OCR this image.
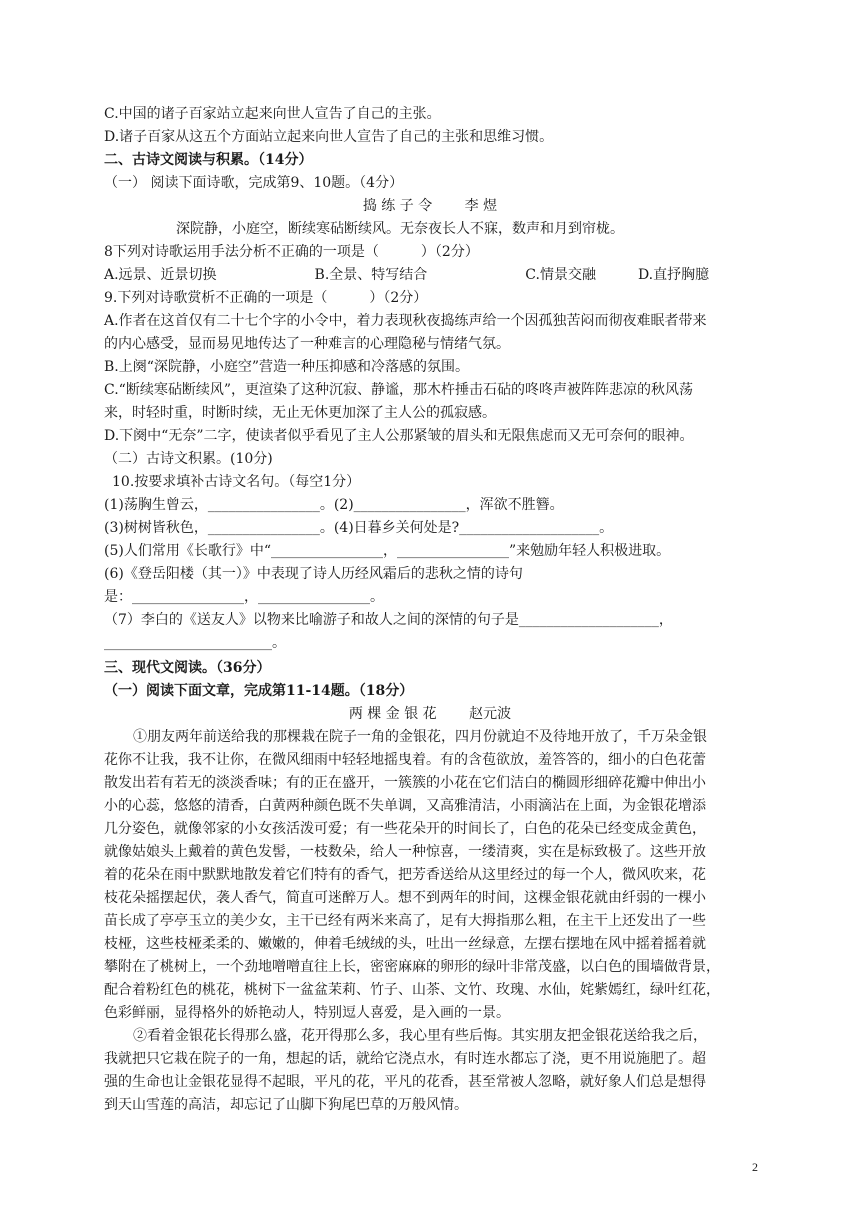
C.中国的诸子百家站立起来向世人宣告了自己的主张。
D.诸子百家从这五个方面站立起来向世人宣告了自己的主张和思维习惯。
二、古诗文阅读与积累。（14分）
（一） 阅读下面诗歌，完成第9、10题。（4分）
捣 练 子 令　　 李 煜
深院静，小庭空，断续寒砧断续风。无奈夜长人不寐，数声和月到帘栊。
8下列对诗歌运用手法分析不正确的一项是（　　　）（2分）
A.远景、近景切换　　　　　　　B.全景、特写结合　　　　　　　C.情景交融　　　D.直抒胸臆
9.下列对诗歌赏析不正确的一项是（　　　）（2分）
A.作者在这首仅有二十七个字的小令中，着力表现秋夜捣练声给一个因孤独苦闷而彻夜难眠者带来
的内心感受，显而易见地传达了一种难言的心理隐秘与情绪气氛。
B.上阕“深院静，小庭空”营造一种压抑感和冷落感的氛围。
C.“断续寒砧断续风”，更渲染了这种沉寂、静谧，那木杵捶击石砧的咚咚声被阵阵悲凉的秋风荡
来，时轻时重，时断时续，无止无休更加深了主人公的孤寂感。
D.下阕中“无奈”二字，使读者似乎看见了主人公那紧皱的眉头和无限焦虑而又无可奈何的眼神。
（二）古诗文积累。(10分)
10.按要求填补古诗文名句。（每空1分）
(1)荡胸生曾云，________________。(2)________________，浑欲不胜簪。
(3)树树皆秋色，________________。(4)日暮乡关何处是?____________________。
(5)人们常用《长歌行》中“________________，________________”来勉励年轻人积极进取。
(6)《登岳阳楼（其一）》中表现了诗人历经风霜后的悲秋之情的诗句
是：________________，________________。
（7）李白的《送友人》以物来比喻游子和故人之间的深情的句子是____________________，
________________________。
三、现代文阅读。（36分）
（一）阅读下面文章，完成第11-14题。（18分）
两 棵 金 银 花　　 赵元波
①朋友两年前送给我的那棵栽在院子一角的金银花，四月份就迫不及待地开放了，千万朵金银
花你不让我，我不让你，在微风细雨中轻轻地摇曳着。有的含苞欲放，羞答答的，细小的白色花蕾
散发出若有若无的淡淡香味；有的正在盛开，一簇簇的小花在它们洁白的椭圆形细碎花瓣中伸出小
小的心蕊，悠悠的清香，白黄两种颜色既不失单调，又高雅清洁，小雨滴沾在上面，为金银花增添
几分姿色，就像邻家的小女孩活泼可爱；有一些花朵开的时间长了，白色的花朵已经变成金黄色，
就像姑娘头上戴着的黄色发髻，一枝数朵，给人一种惊喜，一缕清爽，实在是标致极了。这些开放
着的花朵在雨中默默地散发着它们特有的香气，把芳香送给从这里经过的每一个人，微风吹来，花
枝花朵摇摆起伏，袭人香气，简直可迷醉万人。想不到两年的时间，这棵金银花就由纤弱的一棵小
苗长成了亭亭玉立的美少女，主干已经有两米来高了，足有大拇指那么粗，在主干上还发出了一些
枝桠，这些枝桠柔柔的、嫩嫩的，伸着毛绒绒的头，吐出一丝绿意，左摆右摆地在风中摇着摇着就
攀附在了桃树上，一个劲地噌噌直往上长，密密麻麻的卵形的绿叶非常茂盛，以白色的围墙做背景，
配合着粉红色的桃花，桃树下一盆盆茉莉、竹子、山茶、文竹、玫瑰、水仙，姹紫嫣红，绿叶红花，
色彩鲜丽，显得格外的娇艳动人，特别逗人喜爱，是入画的一景。
②看着金银花长得那么盛，花开得那么多，我心里有些后悔。其实朋友把金银花送给我之后，
我就把只它栽在院子的一角，想起的话，就给它浇点水，有时连水都忘了浇，更不用说施肥了。超
强的生命也让金银花显得不起眼，平凡的花，平凡的花香，甚至常被人忽略，就好象人们总是想得
到天山雪莲的高洁，却忘记了山脚下狗尾巴草的万般风情。
2
